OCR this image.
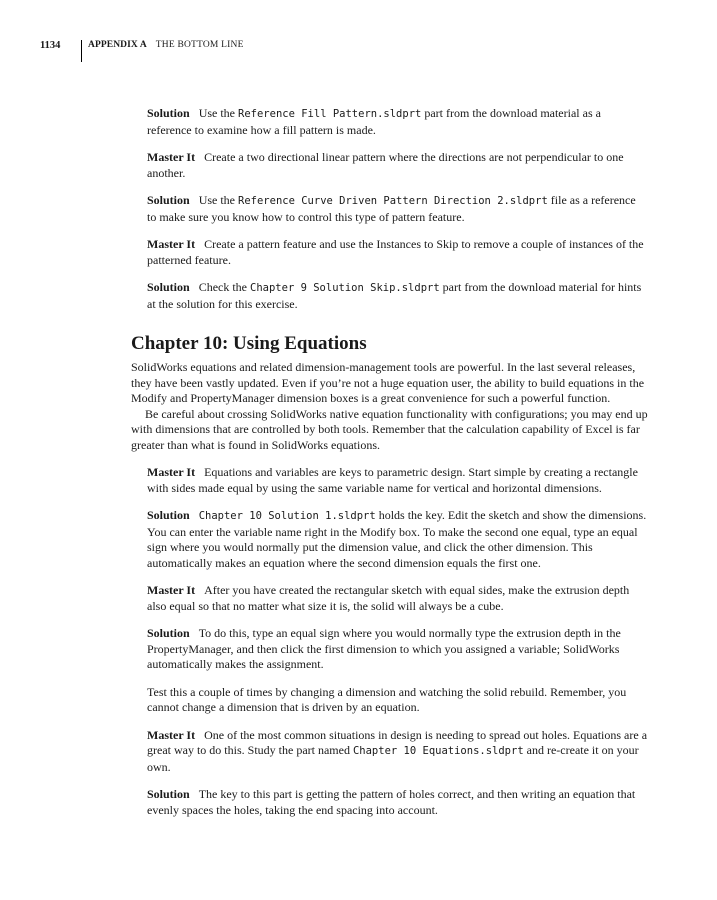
1134	APPENDIX A THE BOTTOM LINE

Solution Use the Reference Fill Pattern.sldprt part from the download material as a reference to examine how a fill pattern is made.

Master It Create a two directional linear pattern where the directions are not perpendicular to one another.

Solution Use the Reference Curve Driven Pattern Direction 2.sldprt file as a reference to make sure you know how to control this type of pattern feature.

Master It Create a pattern feature and use the Instances to Skip to remove a couple of instances of the patterned feature.

Solution Check the Chapter 9 Solution Skip.sldprt part from the download material for hints at the solution for this exercise.

Chapter 10: Using Equations

SolidWorks equations and related dimension-management tools are powerful. In the last several releases, they have been vastly updated. Even if you’re not a huge equation user, the ability to build equations in the Modify and PropertyManager dimension boxes is a great convenience for such a powerful function.

Be careful about crossing SolidWorks native equation functionality with configurations; you may end up with dimensions that are controlled by both tools. Remember that the calculation capability of Excel is far greater than what is found in SolidWorks equations.

Master It Equations and variables are keys to parametric design. Start simple by creating a rectangle with sides made equal by using the same variable name for vertical and horizontal dimensions.

Solution Chapter 10 Solution 1.sldprt holds the key. Edit the sketch and show the dimensions. You can enter the variable name right in the Modify box. To make the second one equal, type an equal sign where you would normally put the dimension value, and click the other dimension. This automatically makes an equation where the second dimension equals the first one.

Master It After you have created the rectangular sketch with equal sides, make the extrusion depth also equal so that no matter what size it is, the solid will always be a cube.

Solution To do this, type an equal sign where you would normally type the extrusion depth in the PropertyManager, and then click the first dimension to which you assigned a variable; SolidWorks automatically makes the assignment.

Test this a couple of times by changing a dimension and watching the solid rebuild. Remember, you cannot change a dimension that is driven by an equation.

Master It One of the most common situations in design is needing to spread out holes. Equations are a great way to do this. Study the part named Chapter 10 Equations.sldprt and re-create it on your own.

Solution The key to this part is getting the pattern of holes correct, and then writing an equation that evenly spaces the holes, taking the end spacing into account.
